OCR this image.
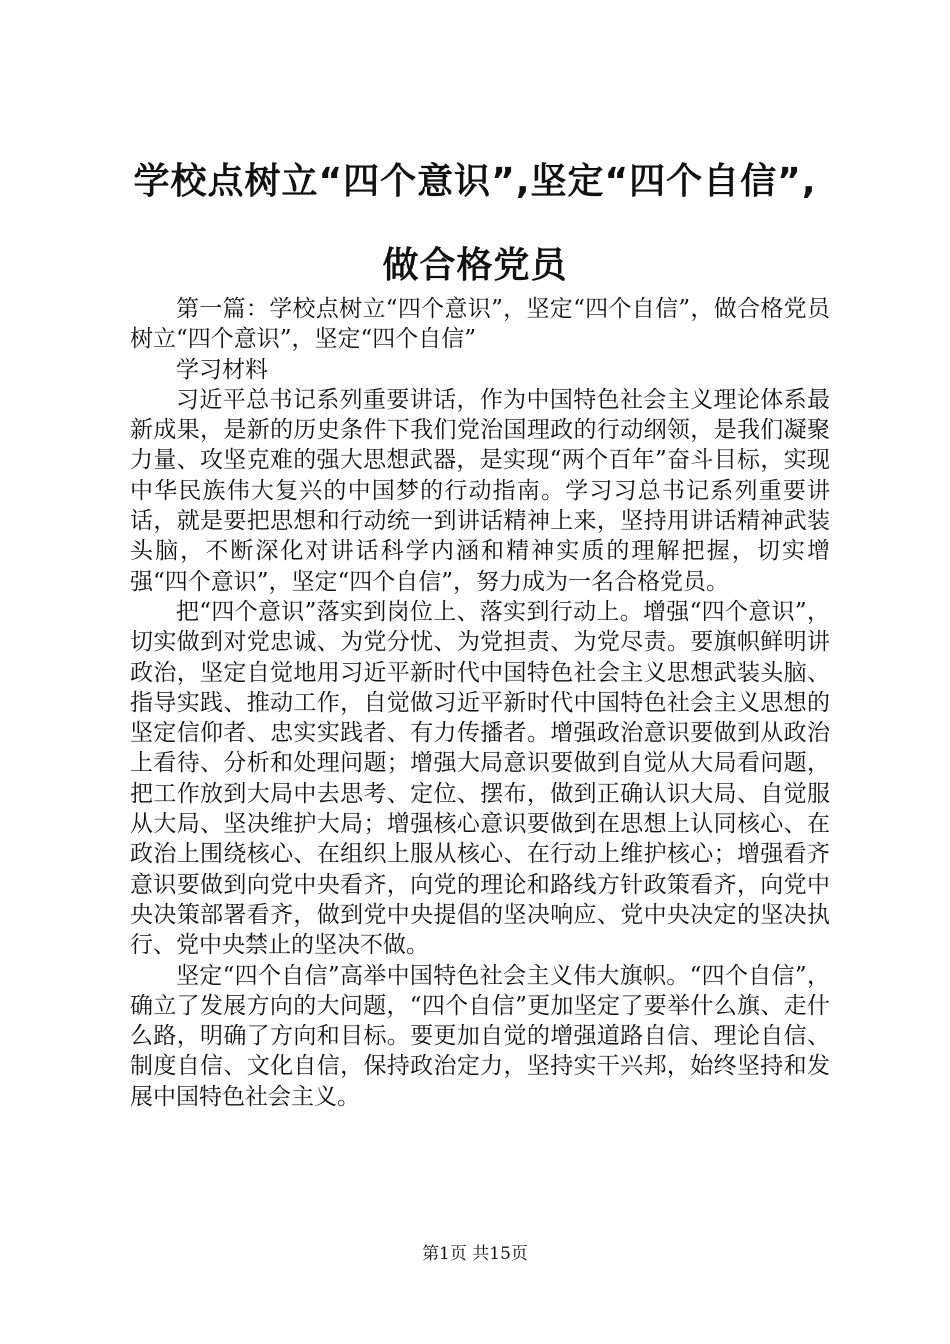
学校点树立“四个意识”,坚定“四个自信”,
做合格党员

第一篇：学校点树立“四个意识”，坚定“四个自信”，做合格党员树立“四个意识”，坚定“四个自信”

学习材料

习近平总书记系列重要讲话，作为中国特色社会主义理论体系最新成果，是新的历史条件下我们党治国理政的行动纲领，是我们凝聚力量、攻坚克难的强大思想武器，是实现“两个百年”奋斗目标，实现中华民族伟大复兴的中国梦的行动指南。学习习总书记系列重要讲话，就是要把思想和行动统一到讲话精神上来，坚持用讲话精神武装头脑，不断深化对讲话科学内涵和精神实质的理解把握，切实增强“四个意识”，坚定“四个自信”，努力成为一名合格党员。

把“四个意识”落实到岗位上、落实到行动上。增强“四个意识”，切实做到对党忠诚、为党分忧、为党担责、为党尽责。要旗帜鲜明讲政治，坚定自觉地用习近平新时代中国特色社会主义思想武装头脑、指导实践、推动工作，自觉做习近平新时代中国特色社会主义思想的坚定信仰者、忠实实践者、有力传播者。增强政治意识要做到从政治上看待、分析和处理问题；增强大局意识要做到自觉从大局看问题，把工作放到大局中去思考、定位、摆布，做到正确认识大局、自觉服从大局、坚决维护大局；增强核心意识要做到在思想上认同核心、在政治上围绕核心、在组织上服从核心、在行动上维护核心；增强看齐意识要做到向党中央看齐，向党的理论和路线方针政策看齐，向党中央决策部署看齐，做到党中央提倡的坚决响应、党中央决定的坚决执行、党中央禁止的坚决不做。

坚定“四个自信”高举中国特色社会主义伟大旗帜。“四个自信”，确立了发展方向的大问题，“四个自信”更加坚定了要举什么旗、走什么路，明确了方向和目标。要更加自觉的增强道路自信、理论自信、制度自信、文化自信，保持政治定力，坚持实干兴邦，始终坚持和发展中国特色社会主义。

第1页 共15页
